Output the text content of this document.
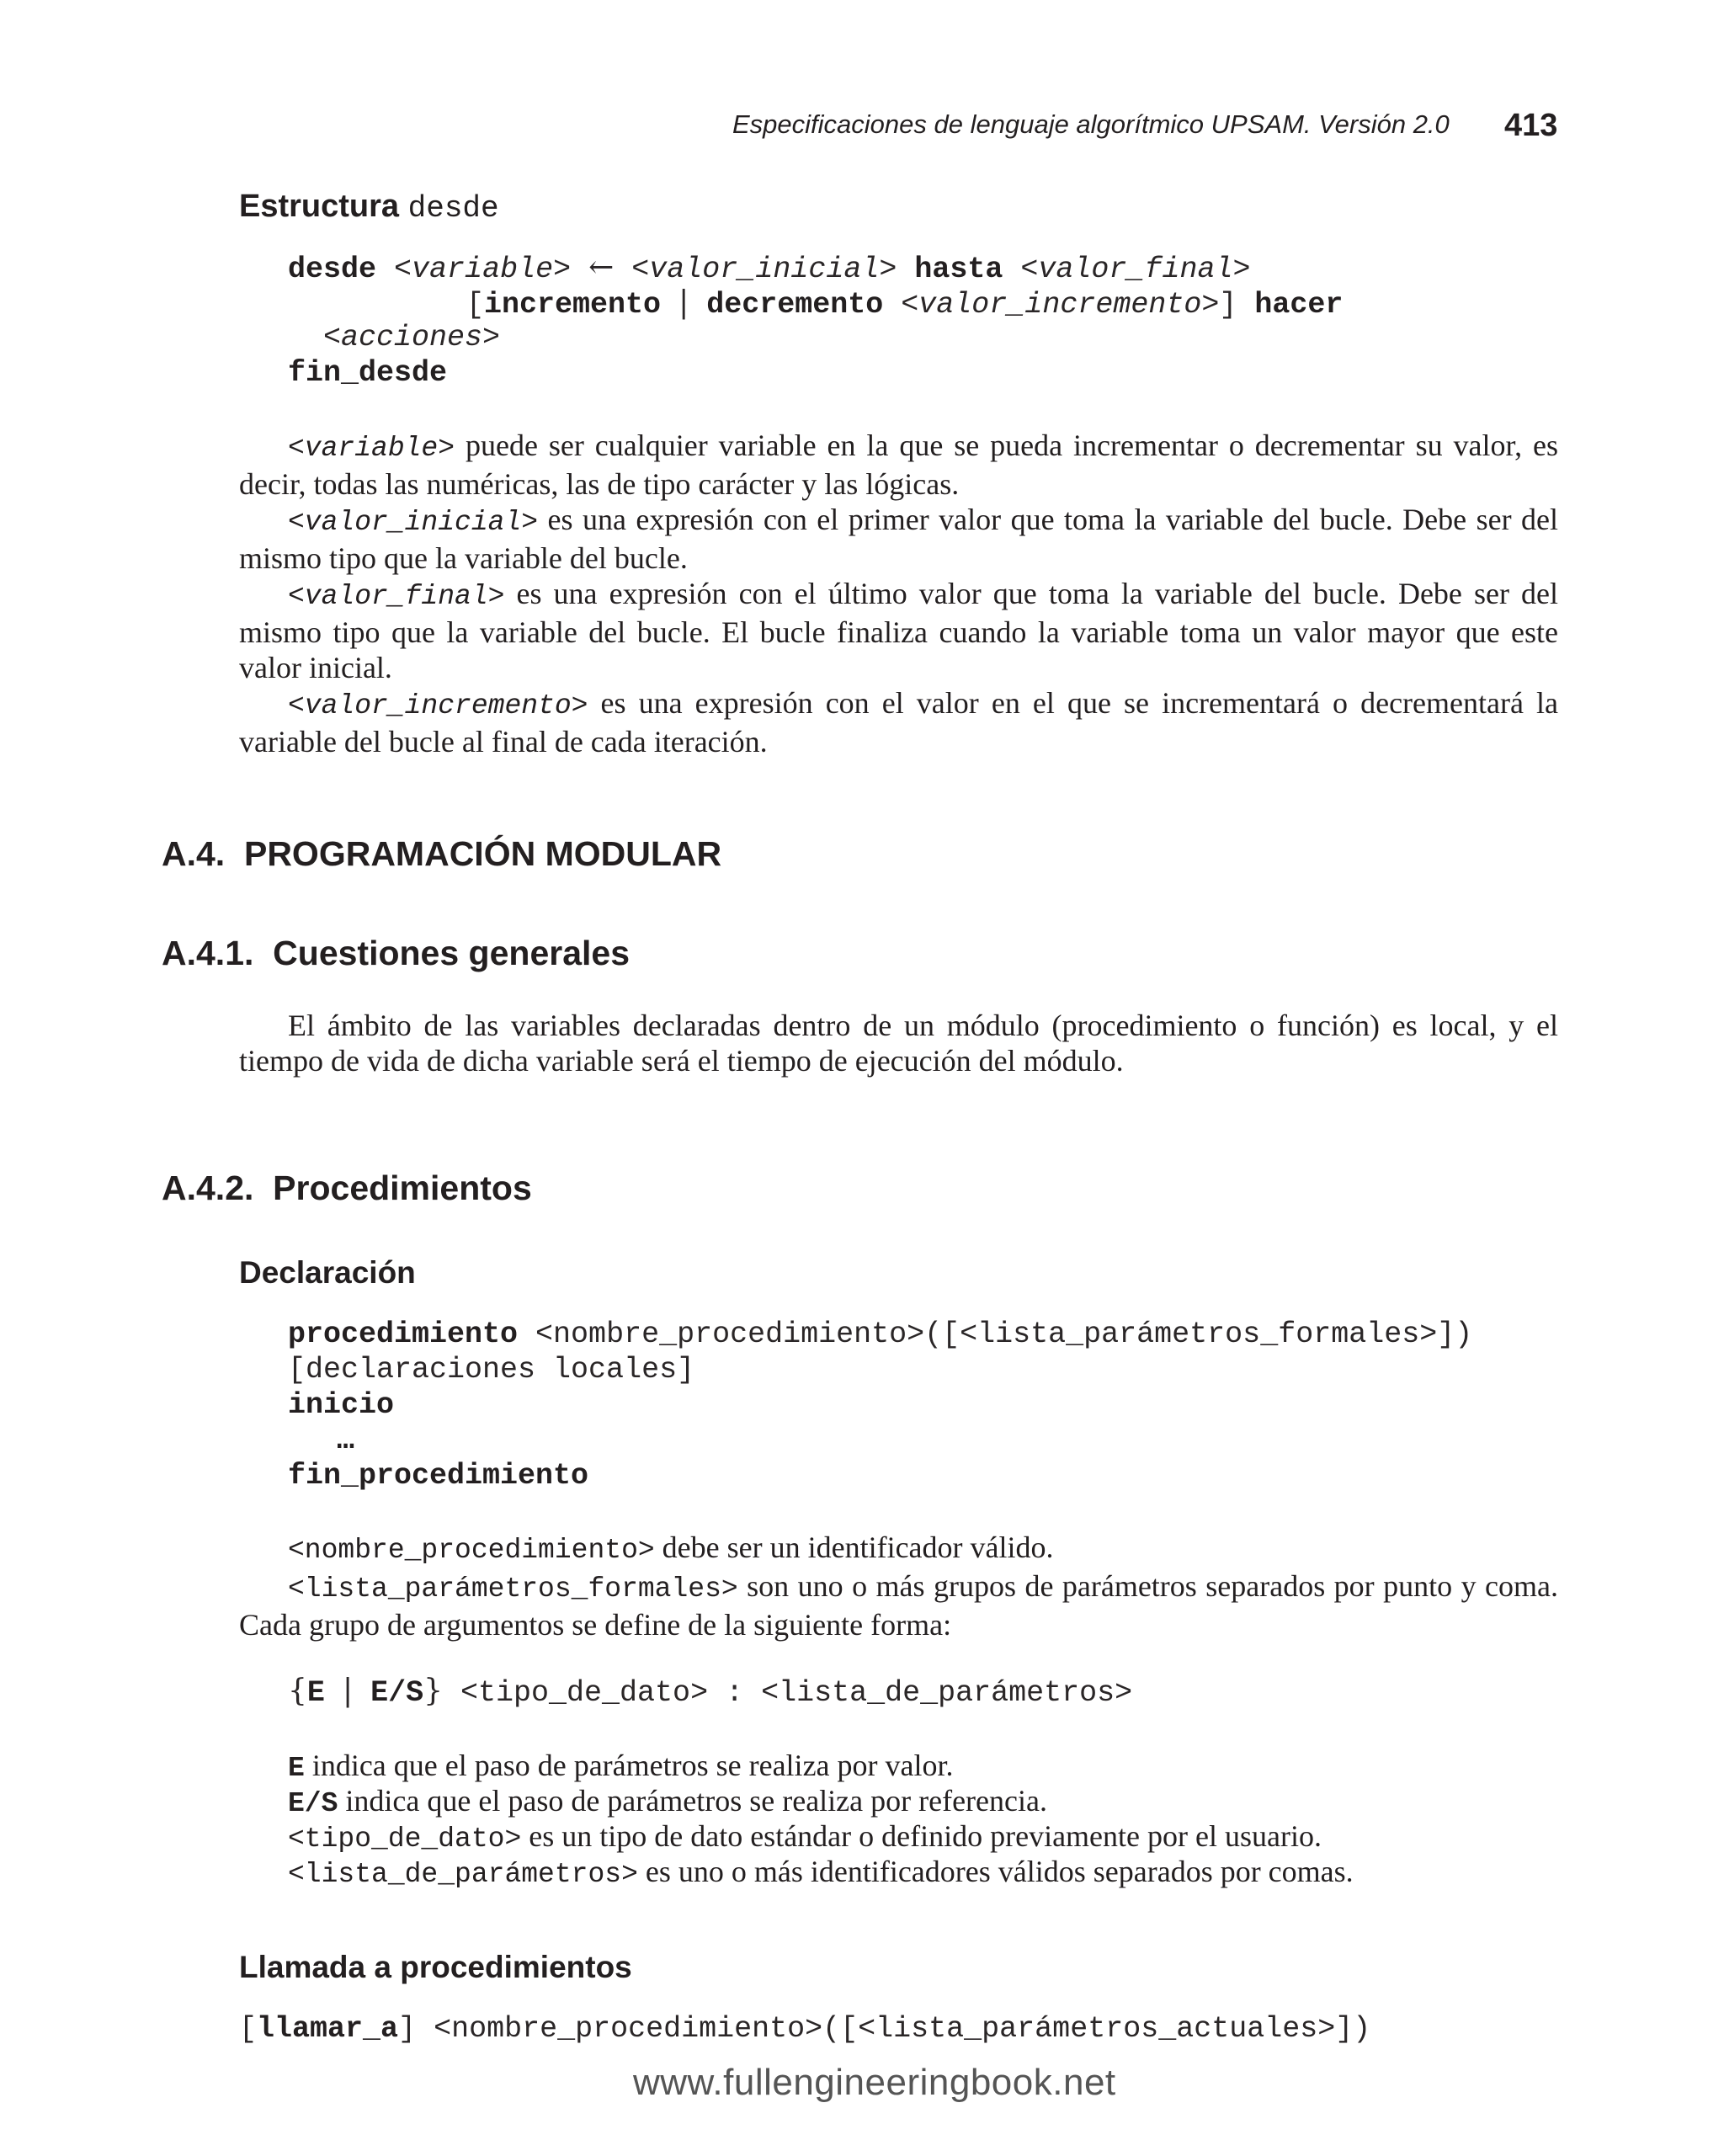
Especificaciones de lenguaje algorítmico UPSAM. Versión 2.0 413
Estructura desde
desde <variable> ← <valor_inicial> hasta <valor_final>
[incremento | decremento <valor_incremento>] hacer
<acciones>
fin_desde

<variable> puede ser cualquier variable en la que se pueda incrementar o decrementar su valor, es decir, todas las numéricas, las de tipo carácter y las lógicas.

<valor_inicial> es una expresión con el primer valor que toma la variable del bucle. Debe ser del mismo tipo que la variable del bucle.

<valor_final> es una expresión con el último valor que toma la variable del bucle. Debe ser del mismo tipo que la variable del bucle. El bucle finaliza cuando la variable toma un valor mayor que este valor inicial.

<valor_incremento> es una expresión con el valor en el que se incrementará o decrementará la variable del bucle al final de cada iteración.

A.4.  PROGRAMACIÓN MODULAR
A.4.1.  Cuestiones generales

El ámbito de las variables declaradas dentro de un módulo (procedimiento o función) es local, y el tiempo de vida de dicha variable será el tiempo de ejecución del módulo.

A.4.2.  Procedimientos
Declaración
procedimiento <nombre_procedimiento>([<lista_parámetros_formales>])
[declaraciones locales]
inicio
…
fin_procedimiento

<nombre_procedimiento> debe ser un identificador válido.

<lista_parámetros_formales> son uno o más grupos de parámetros separados por punto y coma. Cada grupo de argumentos se define de la siguiente forma:

{E | E/S} <tipo_de_dato> : <lista_de_parámetros>
E indica que el paso de parámetros se realiza por valor.
E/S indica que el paso de parámetros se realiza por referencia.
<tipo_de_dato> es un tipo de dato estándar o definido previamente por el usuario.
<lista_de_parámetros> es uno o más identificadores válidos separados por comas.
Llamada a procedimientos
[llamar_a] <nombre_procedimiento>([<lista_parámetros_actuales>])
www.fullengineeringbook.net
